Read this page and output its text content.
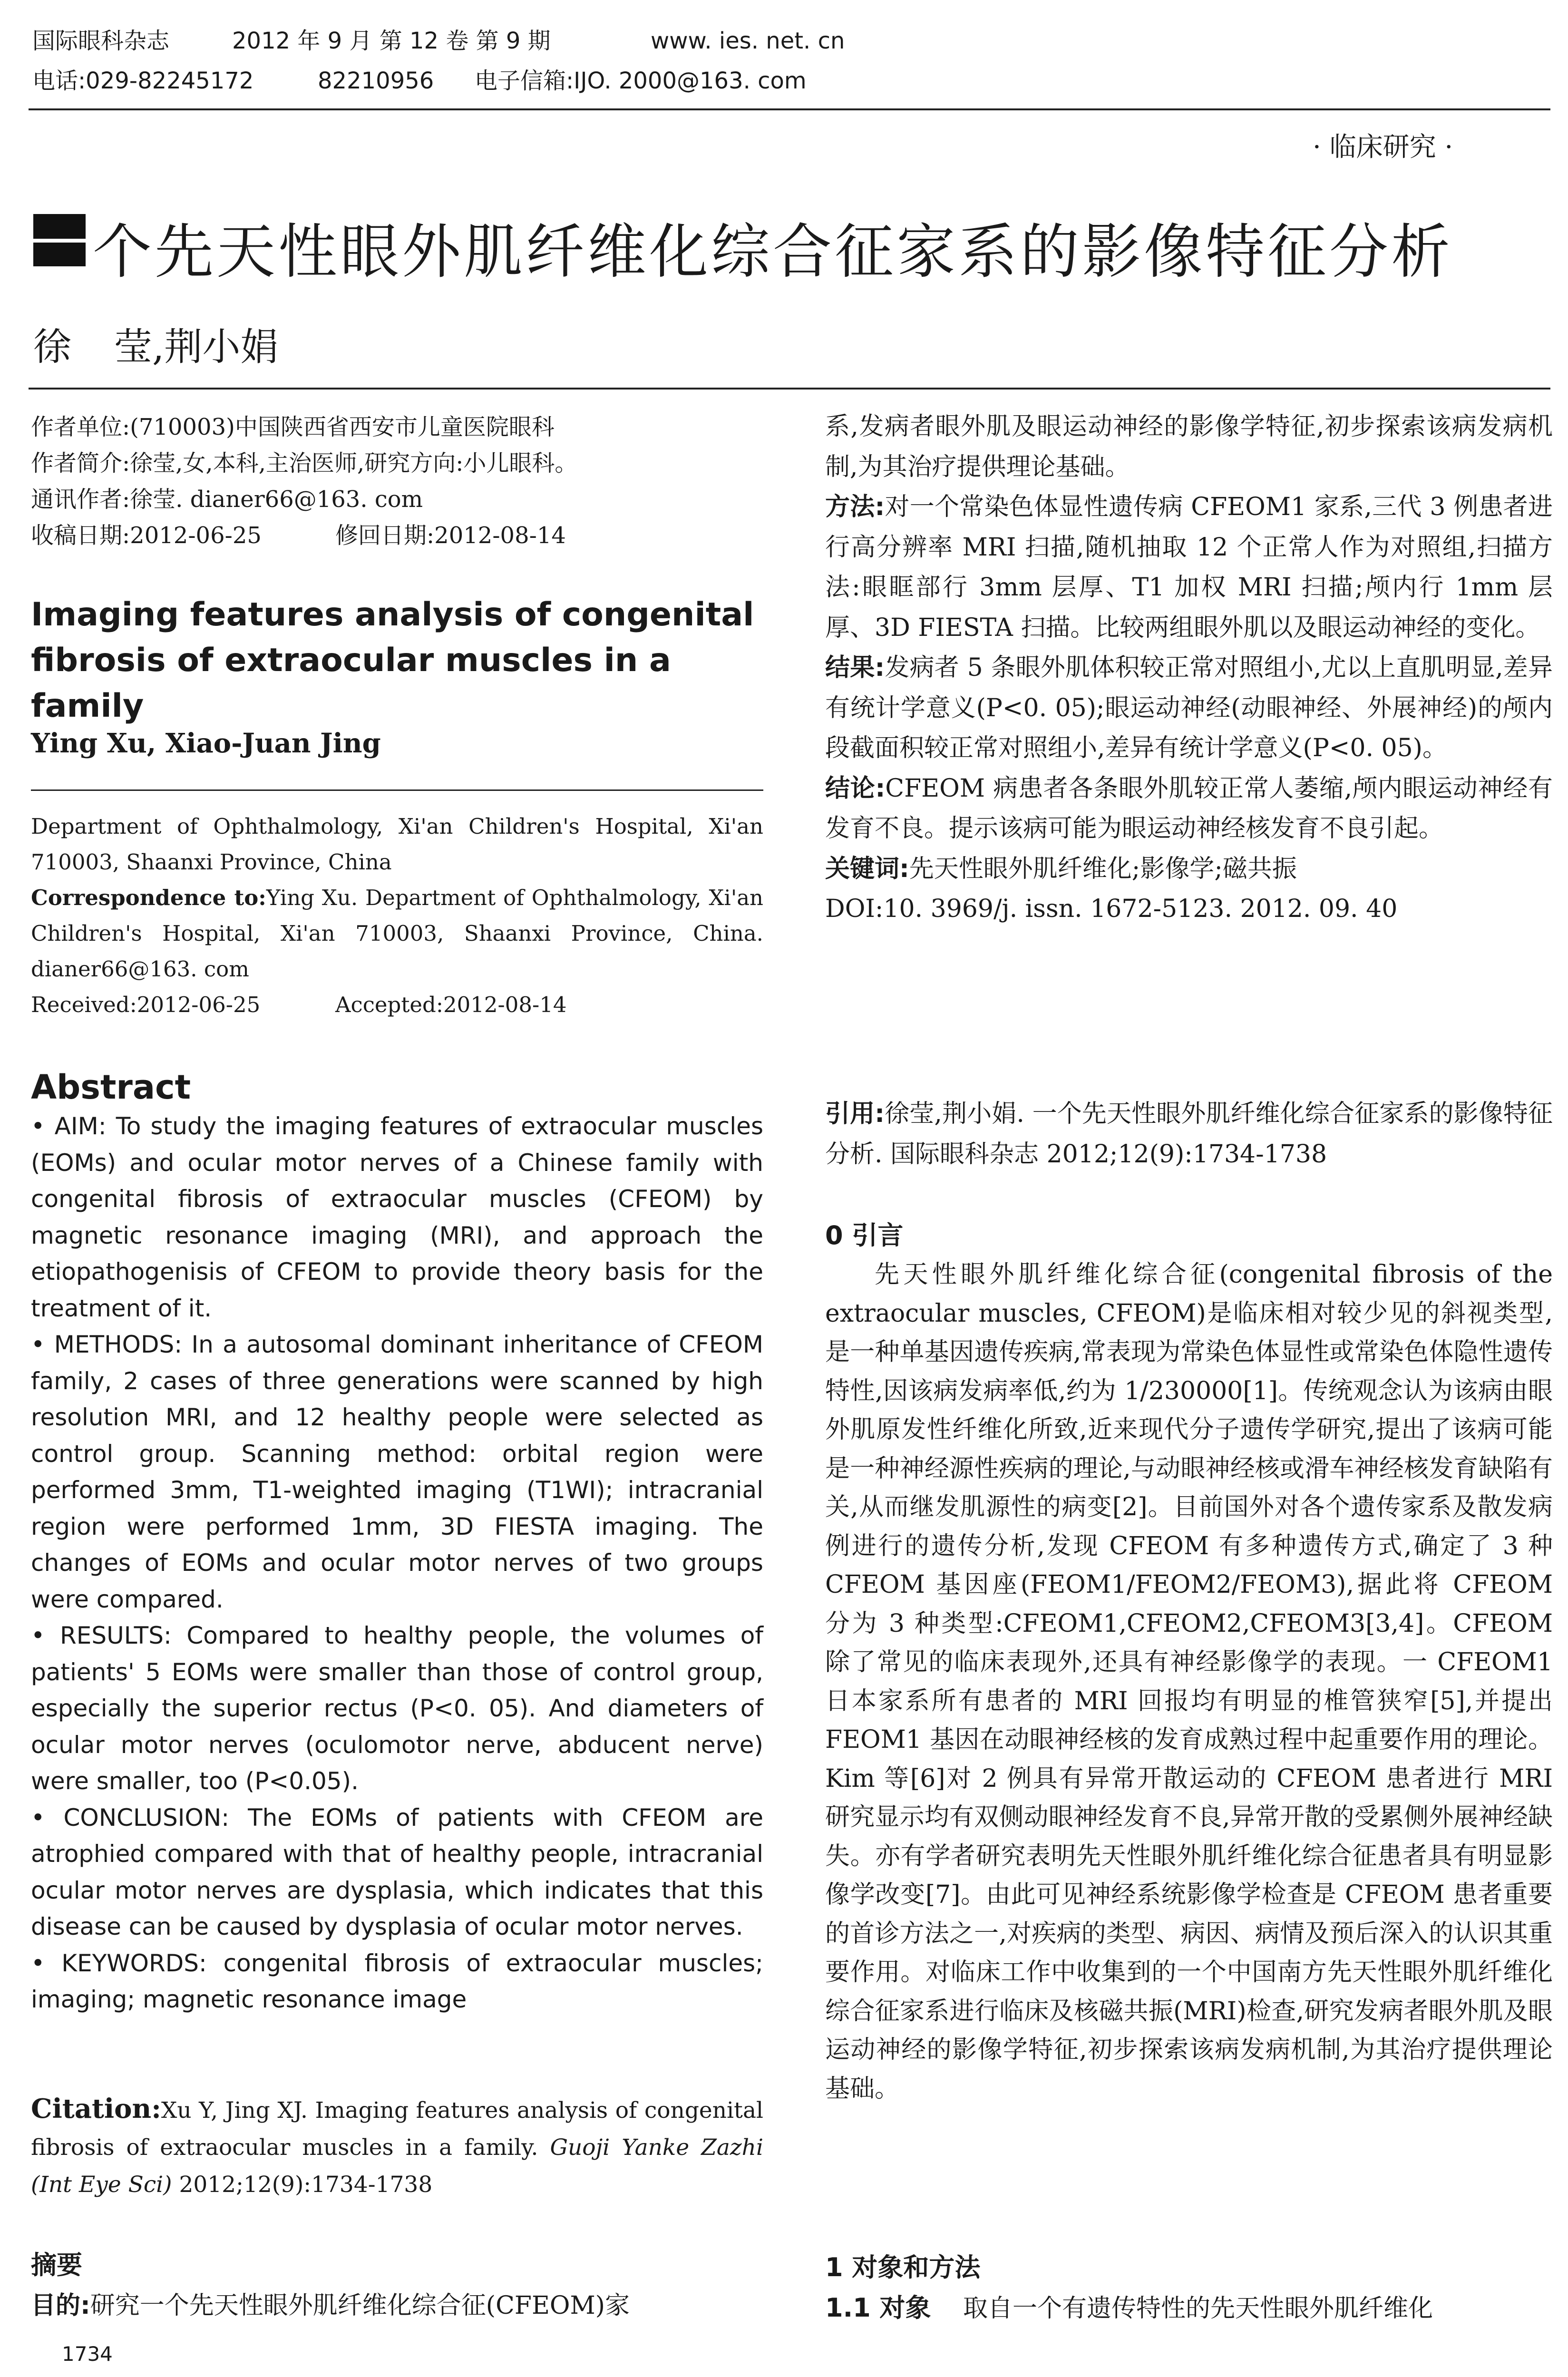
国际眼科杂志	2012 年 9 月 第 12 卷 第 9 期	www. ies. net. cn
电话:029-82245172	82210956 电子信箱:IJO. 2000@163. com
· 临床研究 ·
个先天性眼外肌纤维化综合征家系的影像特征分析
徐 莹,荆小娟
作者单位:(710003)中国陕西省西安市儿童医院眼科
作者简介:徐莹,女,本科,主治医师,研究方向:小儿眼科。
通讯作者:徐莹. dianer66@163. com
收稿日期:2012-06-25	修回日期:2012-08-14
Imaging features analysis of congenital fibrosis of extraocular muscles in a family
Ying Xu, Xiao-Juan Jing

Department of Ophthalmology, Xi'an Children's Hospital, Xi'an 710003, Shaanxi Province, China

Correspondence to:Ying Xu. Department of Ophthalmology, Xi'an Children's Hospital, Xi'an 710003, Shaanxi Province, China. dianer66@163. com

Received:2012-06-25	Accepted:2012-08-14

Abstract

• AIM: To study the imaging features of extraocular muscles (EOMs) and ocular motor nerves of a Chinese family with congenital fibrosis of extraocular muscles (CFEOM) by magnetic resonance imaging (MRI), and approach the etiopathogenisis of CFEOM to provide theory basis for the treatment of it.

• METHODS: In a autosomal dominant inheritance of CFEOM family, 2 cases of three generations were scanned by high resolution MRI, and 12 healthy people were selected as control group. Scanning method: orbital region were performed 3mm, T1-weighted imaging (T1WI); intracranial region were performed 1mm, 3D FIESTA imaging. The changes of EOMs and ocular motor nerves of two groups were compared.

• RESULTS: Compared to healthy people, the volumes of patients' 5 EOMs were smaller than those of control group, especially the superior rectus (P<0. 05). And diameters of ocular motor nerves (oculomotor nerve, abducent nerve) were smaller, too (P<0.05).

• CONCLUSION: The EOMs of patients with CFEOM are atrophied compared with that of healthy people, intracranial ocular motor nerves are dysplasia, which indicates that this disease can be caused by dysplasia of ocular motor nerves.

• KEYWORDS: congenital fibrosis of extraocular muscles; imaging; magnetic resonance image

Citation:Xu Y, Jing XJ. Imaging features analysis of congenital fibrosis of extraocular muscles in a family. Guoji Yanke Zazhi (Int Eye Sci) 2012;12(9):1734-1738

摘要
目的:研究一个先天性眼外肌纤维化综合征(CFEOM)家
1734

系,发病者眼外肌及眼运动神经的影像学特征,初步探索该病发病机制,为其治疗提供理论基础。

方法:对一个常染色体显性遗传病 CFEOM1 家系,三代 3 例患者进行高分辨率 MRI 扫描,随机抽取 12 个正常人作为对照组,扫描方法:眼眶部行 3mm 层厚、T1 加权 MRI 扫描;颅内行 1mm 层厚、3D FIESTA 扫描。比较两组眼外肌以及眼运动神经的变化。

结果:发病者 5 条眼外肌体积较正常对照组小,尤以上直肌明显,差异有统计学意义(P<0. 05);眼运动神经(动眼神经、外展神经)的颅内段截面积较正常对照组小,差异有统计学意义(P<0. 05)。

结论:CFEOM 病患者各条眼外肌较正常人萎缩,颅内眼运动神经有发育不良。提示该病可能为眼运动神经核发育不良引起。

关键词:先天性眼外肌纤维化;影像学;磁共振

DOI:10. 3969/j. issn. 1672-5123. 2012. 09. 40

引用:徐莹,荆小娟. 一个先天性眼外肌纤维化综合征家系的影像特征分析. 国际眼科杂志 2012;12(9):1734-1738

0 引言

先天性眼外肌纤维化综合征(congenital fibrosis of the extraocular muscles, CFEOM)是临床相对较少见的斜视类型,是一种单基因遗传疾病,常表现为常染色体显性或常染色体隐性遗传特性,因该病发病率低,约为 1/230000[1]。传统观念认为该病由眼外肌原发性纤维化所致,近来现代分子遗传学研究,提出了该病可能是一种神经源性疾病的理论,与动眼神经核或滑车神经核发育缺陷有关,从而继发肌源性的病变[2]。目前国外对各个遗传家系及散发病例进行的遗传分析,发现 CFEOM 有多种遗传方式,确定了 3 种 CFEOM 基因座(FEOM1/FEOM2/FEOM3),据此将 CFEOM 分为 3 种类型:CFEOM1,CFEOM2,CFEOM3[3,4]。CFEOM 除了常见的临床表现外,还具有神经影像学的表现。一 CFEOM1 日本家系所有患者的 MRI 回报均有明显的椎管狭窄[5],并提出 FEOM1 基因在动眼神经核的发育成熟过程中起重要作用的理论。Kim 等[6]对 2 例具有异常开散运动的 CFEOM 患者进行 MRI 研究显示均有双侧动眼神经发育不良,异常开散的受累侧外展神经缺失。亦有学者研究表明先天性眼外肌纤维化综合征患者具有明显影像学改变[7]。由此可见神经系统影像学检查是 CFEOM 患者重要的首诊方法之一,对疾病的类型、病因、病情及预后深入的认识其重要作用。对临床工作中收集到的一个中国南方先天性眼外肌纤维化综合征家系进行临床及核磁共振(MRI)检查,研究发病者眼外肌及眼运动神经的影像学特征,初步探索该病发病机制,为其治疗提供理论基础。

1 对象和方法
1.1 对象 取自一个有遗传特性的先天性眼外肌纤维化
